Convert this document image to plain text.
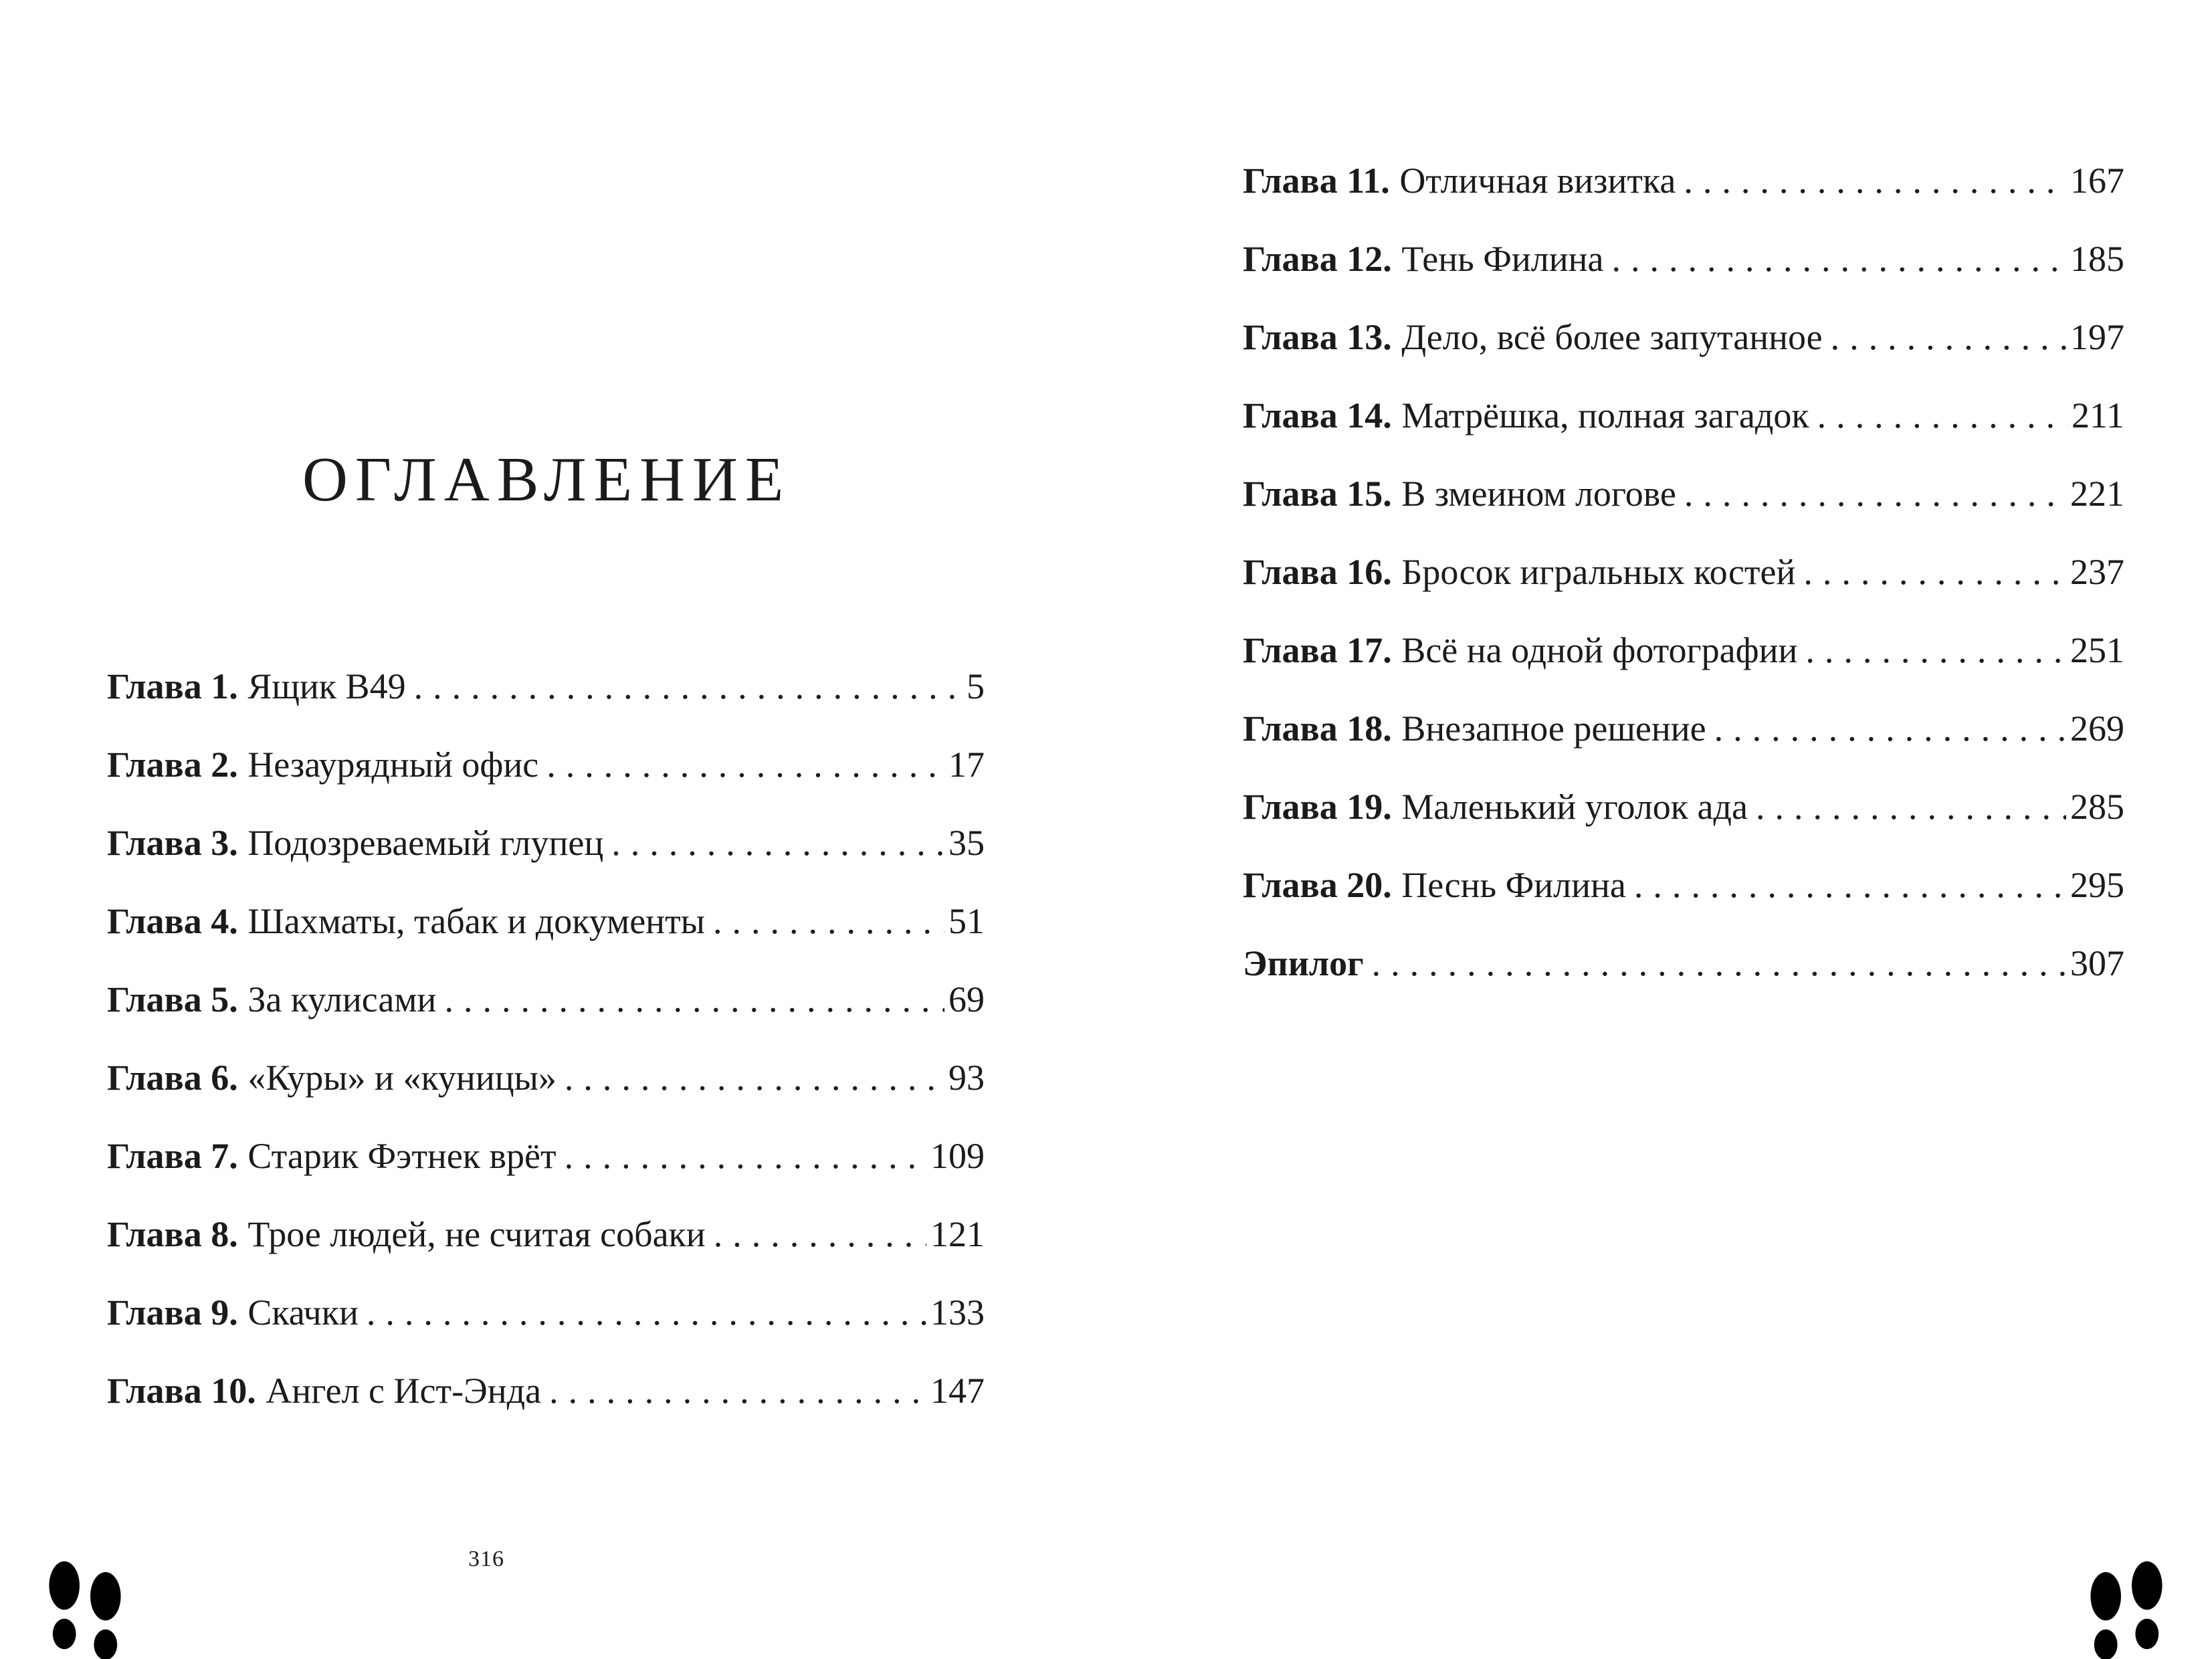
ОГЛАВЛЕНИЕ
Глава 1. Ящик В49 .....	5
Глава 2. Незаурядный офис .....	17
Глава 3. Подозреваемый глупец .....	35
Глава 4. Шахматы, табак и документы .....	51
Глава 5. За кулисами .....	69
Глава 6. «Куры» и «куницы» .....	93
Глава 7. Старик Фэтнек врёт .....	109
Глава 8. Трое людей, не считая собаки .....	121
Глава 9. Скачки .....	133
Глава 10. Ангел с Ист-Энда .....	147
Глава 11. Отличная визитка .....	167
Глава 12. Тень Филина .....	185
Глава 13. Дело, всё более запутанное .....	197
Глава 14. Матрёшка, полная загадок .....	211
Глава 15. В змеином логове .....	221
Глава 16. Бросок игральных костей .....	237
Глава 17. Всё на одной фотографии .....	251
Глава 18. Внезапное решение .....	269
Глава 19. Маленький уголок ада .....	285
Глава 20. Песнь Филина .....	295
Эпилог .....	307
316
